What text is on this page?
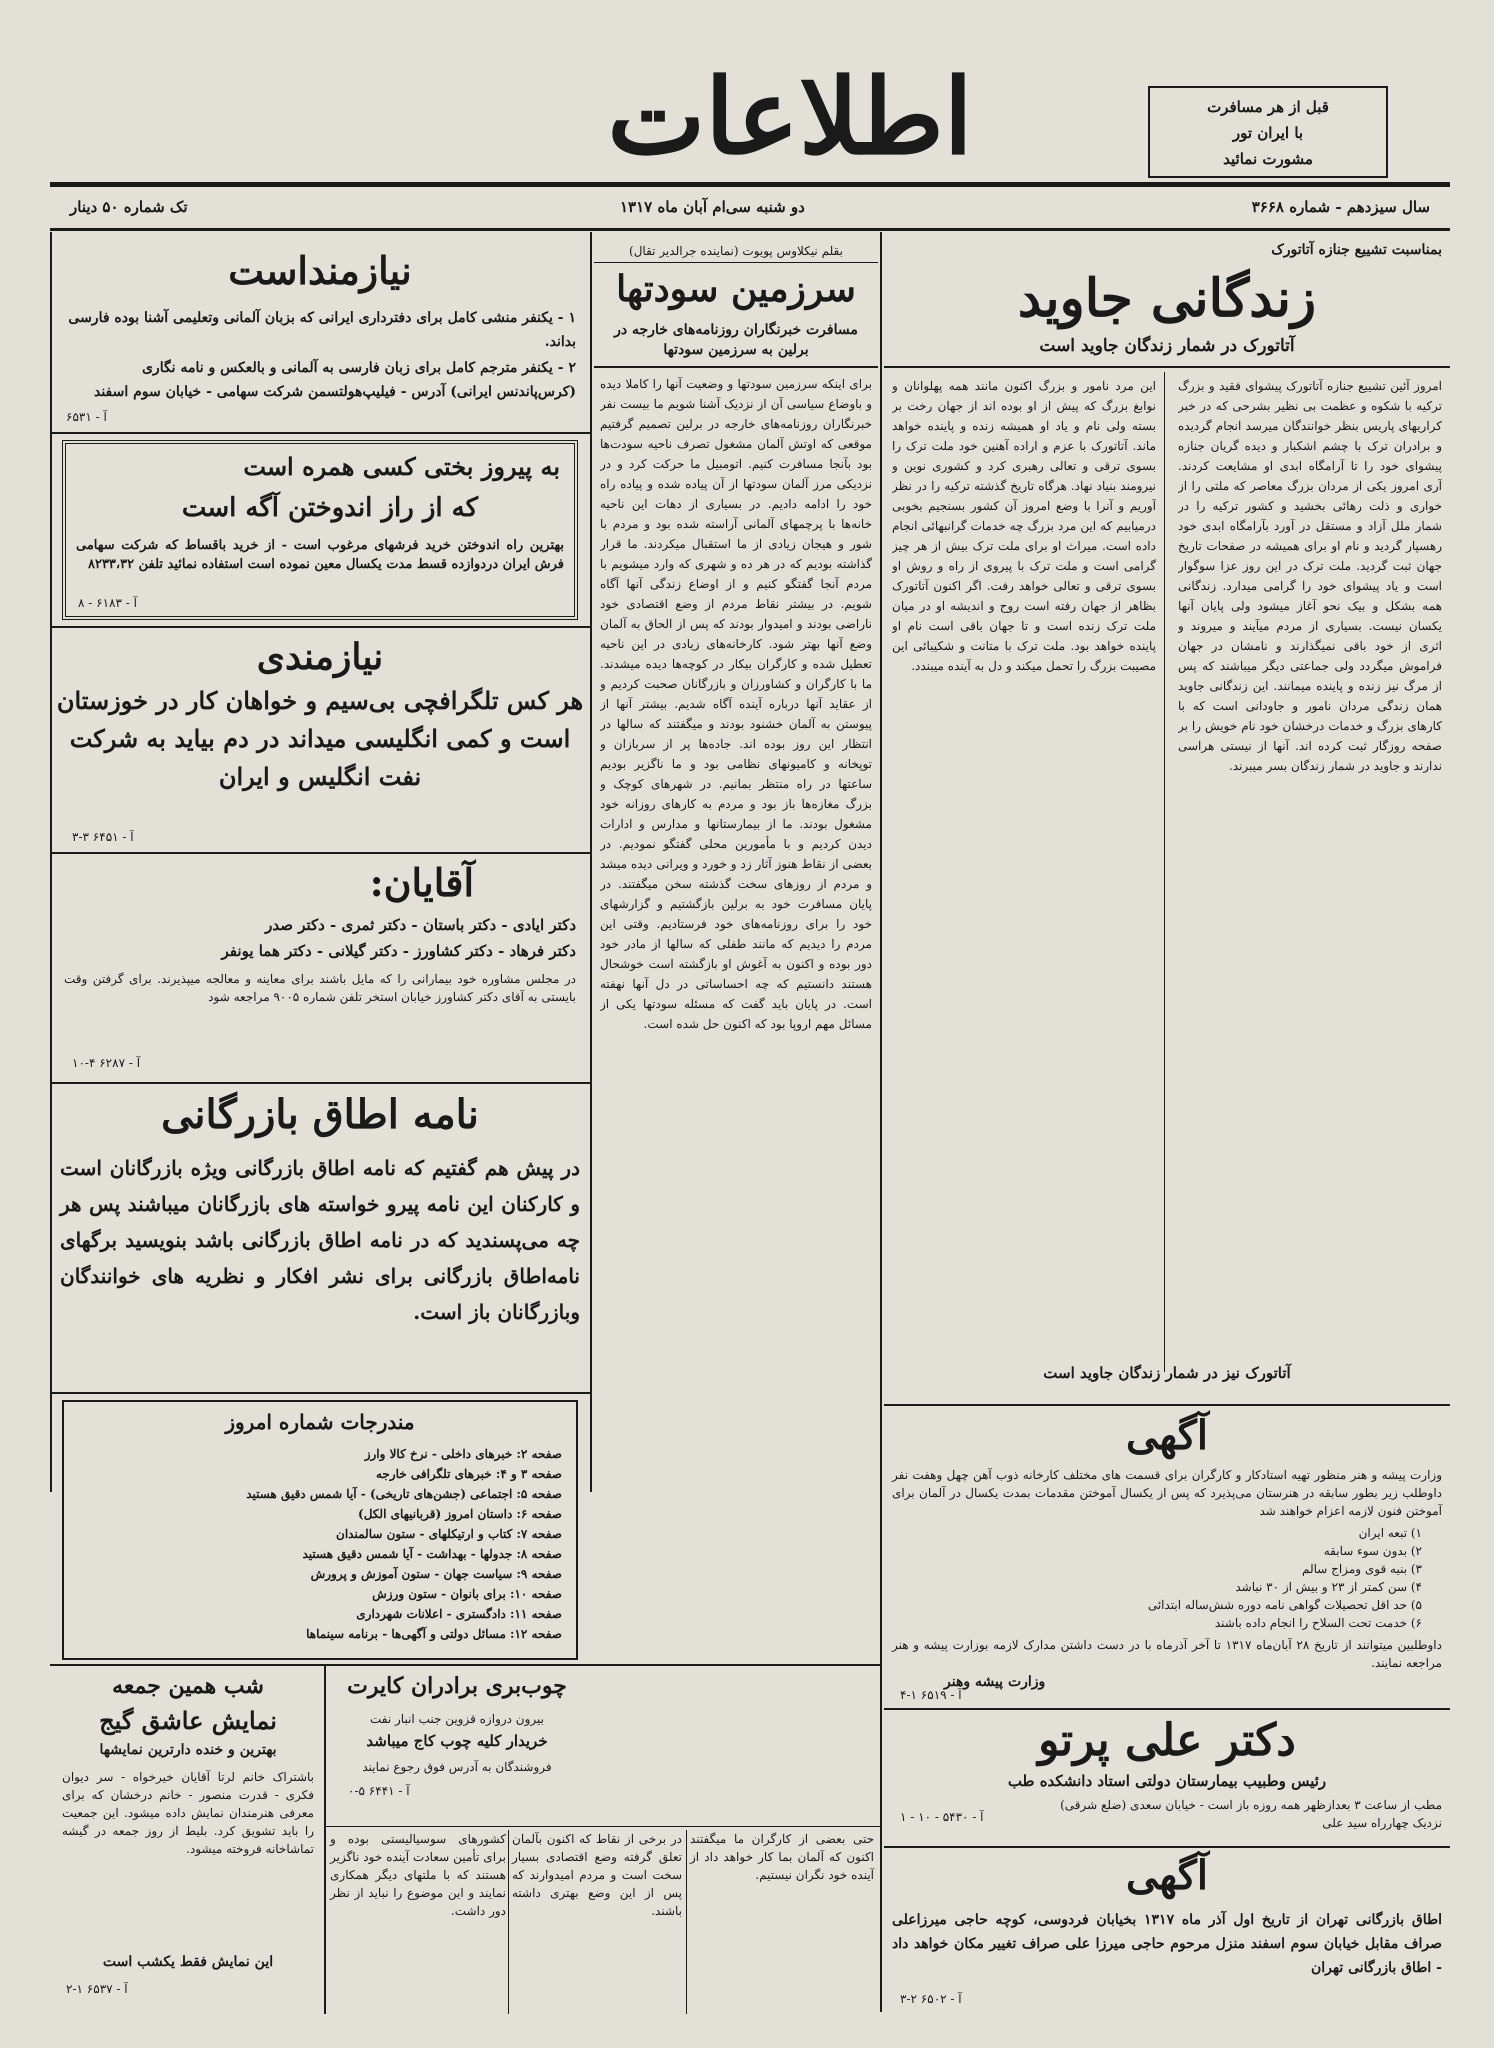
قبل از هر مسافرت
با ایران تور
مشورت نمائید
اطلاعات
سال سیزدهم - شماره ۳۶۶۸
دو شنبه سی‌ام آبان ماه ۱۳۱۷
تک شماره ۵۰ دینار
بمناسبت تشییع جنازه آتاتورک
زندگانی جاوید
آتاتورک در شمار زندگان جاوید است
امروز آئین تشییع جنازه آتاتورک پیشوای فقید و بزرگ ترکیه با شکوه و عظمت بی نظیر بشرحی که در خبر کراریهای پاریس بنظر خوانندگان میرسد انجام گردیده و برادران ترک با چشم اشکبار و دیده گریان جنازه پیشوای خود را تا آرامگاه ابدی او مشایعت کردند. آری امروز یکی از مردان بزرگ معاصر که ملتی را از خواری و ذلت رهائی بخشید و کشور ترکیه را در شمار ملل آزاد و مستقل در آورد بآرامگاه ابدی خود رهسپار گردید و نام او برای همیشه در صفحات تاریخ جهان ثبت گردید. ملت ترک در این روز عزا سوگوار است و یاد پیشوای خود را گرامی میدارد. زندگانی همه بشکل و بیک نحو آغاز میشود ولی پایان آنها یکسان نیست. بسیاری از مردم میآیند و میروند و اثری از خود باقی نمیگذارند و نامشان در جهان فراموش میگردد ولی جماعتی دیگر میباشند که پس از مرگ نیز زنده و پاینده میمانند. این زندگانی جاوید همان زندگی مردان نامور و جاودانی است که با کارهای بزرگ و خدمات درخشان خود نام خویش را بر صفحه روزگار ثبت کرده اند. آنها از نیستی هراسی ندارند و جاوید در شمار زندگان بسر میبرند.
این مرد نامور و بزرگ اکنون مانند همه پهلوانان و نوابغ بزرگ که پیش از او بوده اند از جهان رخت بر بسته ولی نام و یاد او همیشه زنده و پاینده خواهد ماند. آتاتورک با عزم و اراده آهنین خود ملت ترک را بسوی ترقی و تعالی رهبری کرد و کشوری نوین و نیرومند بنیاد نهاد. هرگاه تاریخ گذشته ترکیه را در نظر آوریم و آنرا با وضع امروز آن کشور بسنجیم بخوبی درمیابیم که این مرد بزرگ چه خدمات گرانبهائی انجام داده است. میراث او برای ملت ترک بیش از هر چیز گرامی است و ملت ترک با پیروی از راه و روش او بسوی ترقی و تعالی خواهد رفت. اگر اکنون آتاتورک بظاهر از جهان رفته است روح و اندیشه او در میان ملت ترک زنده است و تا جهان باقی است نام او پاینده خواهد بود. ملت ترک با متانت و شکیبائی این مصیبت بزرگ را تحمل میکند و دل به آینده میبندد.
آتاتورک نیز در شمار زندگان جاوید است
آگهی
وزارت پیشه و هنر منظور تهیه استادکار و کارگران برای قسمت های مختلف کارخانه ذوب آهن چهل وهفت نفر داوطلب زیر بطور سابقه در هنرستان می‌پذیرد که پس از یکسال آموختن مقدمات بمدت یکسال در آلمان برای آموختن فنون لازمه اعزام خواهند شد
۱) تبعه ایران
۲) بدون سوء سابقه
۳) بنیه قوی ومزاج سالم
۴) سن کمتر از ۲۳ و بیش از ۳۰ نباشد
۵) حد اقل تحصیلات گواهی نامه دوره شش‌ساله ابتدائی
۶) خدمت تحت السلاح را انجام داده باشند
داوطلبین میتوانند از تاریخ ۲۸ آبان‌ماه ۱۳۱۷ تا آخر آذرماه با در دست داشتن مدارک لازمه بوزارت پیشه و هنر مراجعه نمایند.
وزارت پیشه وهنر
آ - ۶۵۱۹ ۱-۴
دکتر علی پرتو
رئیس وطبیب بیمارستان دولتی استاد دانشکده طب
مطب از ساعت ۳ بعدازظهر همه روزه باز است - خیابان سعدی (ضلع شرقی) نزدیک چهارراه سید علی
آ - ۵۴۳۰ - ۱۰ - ۱
آگهی
اطاق بازرگانی تهران از تاریخ اول آذر ماه ۱۳۱۷ بخیابان فردوسی، کوچه حاجی میرزاعلی صراف مقابل خیابان سوم اسفند منزل مرحوم حاجی میرزا علی صراف تغییر مکان خواهد داد - اطاق بازرگانی تهران
آ - ۶۵۰۲ ۲-۳
بقلم نیکلاوس پویوت (نماینده جرالدیر تقال)
سرزمین سودتها
مسافرت خبرنگاران روزنامه‌های خارجه در برلین به سرزمین سودتها
برای اینکه سرزمین سودتها و وضعیت آنها را کاملا دیده و باوضاع سیاسی آن از نزدیک آشنا شویم ما بیست نفر خبرنگاران روزنامه‌های خارجه در برلین تصمیم گرفتیم موقعی که اوتش آلمان مشغول تصرف ناحیه سودت‌ها بود بآنجا مسافرت کنیم. اتومبیل ما حرکت کرد و در نزدیکی مرز آلمان سودتها از آن پیاده شده و پیاده راه خود را ادامه دادیم. در بسیاری از دهات این ناحیه خانه‌ها با پرچمهای آلمانی آراسته شده بود و مردم با شور و هیجان زیادی از ما استقبال میکردند. ما قرار گذاشته بودیم که در هر ده و شهری که وارد میشویم با مردم آنجا گفتگو کنیم و از اوضاع زندگی آنها آگاه شویم. در بیشتر نقاط مردم از وضع اقتصادی خود ناراضی بودند و امیدوار بودند که پس از الحاق به آلمان وضع آنها بهتر شود. کارخانه‌های زیادی در این ناحیه تعطیل شده و کارگران بیکار در کوچه‌ها دیده میشدند. ما با کارگران و کشاورزان و بازرگانان صحبت کردیم و از عقاید آنها درباره آینده آگاه شدیم. بیشتر آنها از پیوستن به آلمان خشنود بودند و میگفتند که سالها در انتظار این روز بوده اند. جاده‌ها پر از سربازان و توپخانه و کامیونهای نظامی بود و ما ناگزیر بودیم ساعتها در راه منتظر بمانیم. در شهرهای کوچک و بزرگ مغازه‌ها باز بود و مردم به کارهای روزانه خود مشغول بودند. ما از بیمارستانها و مدارس و ادارات دیدن کردیم و با مأمورین محلی گفتگو نمودیم. در بعضی از نقاط هنوز آثار زد و خورد و ویرانی دیده میشد و مردم از روزهای سخت گذشته سخن میگفتند. در پایان مسافرت خود به برلین بازگشتیم و گزارشهای خود را برای روزنامه‌های خود فرستادیم. وقتی این مردم را دیدیم که مانند طفلی که سالها از مادر خود دور بوده و اکنون به آغوش او بازگشته است خوشحال هستند دانستیم که چه احساساتی در دل آنها نهفته است. در پایان باید گفت که مسئله سودتها یکی از مسائل مهم اروپا بود که اکنون حل شده است.
نیازمنداست
۱ - یکنفر منشی کامل برای دفترداری ایرانی که بزبان آلمانی وتعلیمی آشنا بوده فارسی بداند.
۲ - یکنفر مترجم کامل برای زبان فارسی به آلمانی و بالعکس و نامه نگاری (کرس‌پاندنس ایرانی) آدرس - فیلیپ‌هولتسمن شرکت سهامی - خیابان سوم اسفند
آ - ۶۵۳۱
به پیروز بختی کسی همره است
که از راز اندوختن آگه است
بهترین راه اندوختن خرید فرشهای مرغوب است - از خرید باقساط که شرکت سهامی فرش ایران دردوازده قسط مدت یکسال معین نموده است استفاده نمائید تلفن ۸۲۳۳،۳۲
آ - ۶۱۸۳ - ۸
نیازمندی
هر کس تلگرافچی بی‌سیم و خواهان کار در خوزستان است و کمی انگلیسی میداند در دم بیاید به شرکت نفت انگلیس و ایران
آ - ۶۴۵۱ ۳-۳
آقایان:
دکتر ایادی - دکتر باستان - دکتر ثمری - دکتر صدر
دکتر فرهاد - دکتر کشاورز - دکتر گیلانی - دکتر هما یونفر
در مجلس مشاوره خود بیمارانی را که مایل باشند برای معاینه و معالجه میپذیرند. برای گرفتن وقت بایستی به آقای دکتر کشاورز خیابان استخر تلفن شماره ۹۰۰۵ مراجعه شود
آ - ۶۲۸۷ ۴-۱۰
نامه اطاق بازرگانی
در پیش هم گفتیم که نامه اطاق بازرگانی ویژه بازرگانان است و کارکنان این نامه پیرو خواسته های بازرگانان میباشند پس هر چه می‌پسندید که در نامه اطاق بازرگانی باشد بنویسید برگهای نامه‌اطاق بازرگانی برای نشر افکار و نظریه های خوانندگان وبازرگانان باز است.
مندرجات شماره امروز
صفحه ۲: خبرهای داخلی - نرخ کالا وارز
صفحه ۳ و ۴: خبرهای تلگرافی خارجه
صفحه ۵: اجتماعی (جشن‌های تاریخی) - آیا شمس دقیق هستید
صفحه ۶: داستان امروز (قربانیهای الکل)
صفحه ۷: کتاب و ارتیکلهای - ستون سالمندان
صفحه ۸: جدولها - بهداشت - آیا شمس دقیق هستید
صفحه ۹: سیاست جهان - ستون آموزش و پرورش
صفحه ۱۰: برای بانوان - ستون ورزش
صفحه ۱۱: دادگستری - اعلانات شهرداری
صفحه ۱۲: مسائل دولتی و آگهی‌ها - برنامه سینماها
شب همین جمعه
نمایش عاشق گیج
بهترین و خنده دارترین نمایشها
باشتراک خانم لرتا آقایان خیرخواه - سر دیوان فکری - قدرت منصور - خانم درخشان که برای معرفی هنرمندان نمایش داده میشود. این جمعیت را باید تشویق کرد. بلیط از روز جمعه در گیشه تماشاخانه فروخته میشود.
این نمایش فقط یکشب است
آ - ۶۵۳۷ ۱-۲
چوب‌بری برادران کایرت
بیرون دروازه قزوین جنب انبار نفت
خریدار کلیه چوب کاج میباشد
فروشندگان به آدرس فوق رجوع نمایند
آ - ۶۴۴۱ ۵-۰
کشورهای سوسیالیستی بوده و برای تأمین سعادت آینده خود ناگزیر هستند که با ملتهای دیگر همکاری نمایند و این موضوع را نباید از نظر دور داشت.
در برخی از نقاط که اکنون بآلمان تعلق گرفته وضع اقتصادی بسیار سخت است و مردم امیدوارند که پس از این وضع بهتری داشته باشند.
حتی بعضی از کارگران ما میگفتند اکنون که آلمان بما کار خواهد داد از آینده خود نگران نیستیم.
